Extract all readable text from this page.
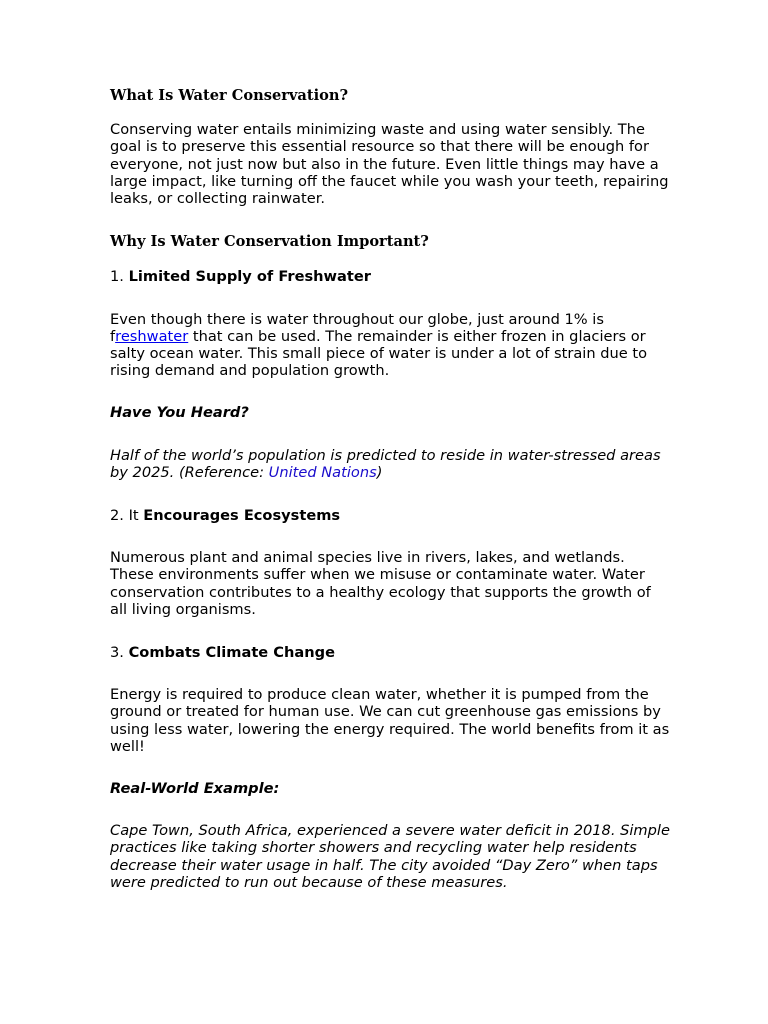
What Is Water Conservation?

Conserving water entails minimizing waste and using water sensibly. The goal is to preserve this essential resource so that there will be enough for everyone, not just now but also in the future. Even little things may have a large impact, like turning off the faucet while you wash your teeth, repairing leaks, or collecting rainwater.

Why Is Water Conservation Important?

1. Limited Supply of Freshwater

Even though there is water throughout our globe, just around 1% is freshwater that can be used. The remainder is either frozen in glaciers or salty ocean water. This small piece of water is under a lot of strain due to rising demand and population growth.

Have You Heard?

Half of the world’s population is predicted to reside in water-stressed areas by 2025. (Reference: United Nations)

2. It Encourages Ecosystems

Numerous plant and animal species live in rivers, lakes, and wetlands. These environments suffer when we misuse or contaminate water. Water conservation contributes to a healthy ecology that supports the growth of all living organisms.

3. Combats Climate Change

Energy is required to produce clean water, whether it is pumped from the ground or treated for human use. We can cut greenhouse gas emissions by using less water, lowering the energy required. The world benefits from it as well!

Real-World Example:

Cape Town, South Africa, experienced a severe water deficit in 2018. Simple practices like taking shorter showers and recycling water help residents decrease their water usage in half. The city avoided “Day Zero” when taps were predicted to run out because of these measures.
